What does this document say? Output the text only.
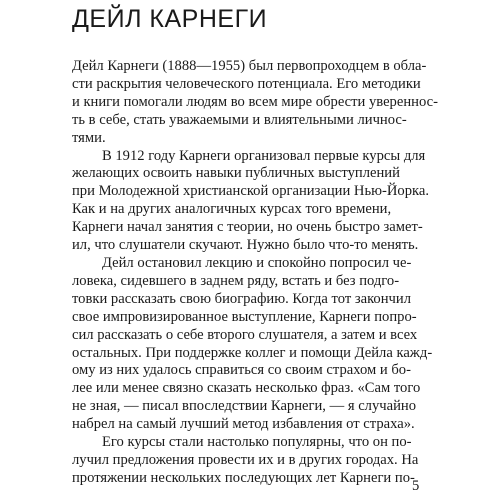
ДЕЙЛ КАРНЕГИ
Дейл Карнеги (1888—1955) был первопроходцем в обла-
сти раскрытия человеческого потенциала. Его методики
и книги помогали людям во всем мире обрести увереннос-
ть в себе, стать уважаемыми и влиятельными личнос-
тями.
В 1912 году Карнеги организовал первые курсы для
желающих освоить навыки публичных выступлений
при Молодежной христианской организации Нью-Йорка.
Как и на других аналогичных курсах того времени,
Карнеги начал занятия с теории, но очень быстро замет-
ил, что слушатели скучают. Нужно было что-то менять.
Дейл остановил лекцию и спокойно попросил че-
ловека, сидевшего в заднем ряду, встать и без подго-
товки рассказать свою биографию. Когда тот закончил
свое импровизированное выступление, Карнеги попро-
сил рассказать о себе второго слушателя, а затем и всех
остальных. При поддержке коллег и помощи Дейла кажд-
ому из них удалось справиться со своим страхом и бо-
лее или менее связно сказать несколько фраз. «Сам того
не зная, — писал впоследствии Карнеги, — я случайно
набрел на самый лучший метод избавления от страха».
Его курсы стали настолько популярны, что он по-
лучил предложения провести их и в других городах. На
протяжении нескольких последующих лет Карнеги по-
5
